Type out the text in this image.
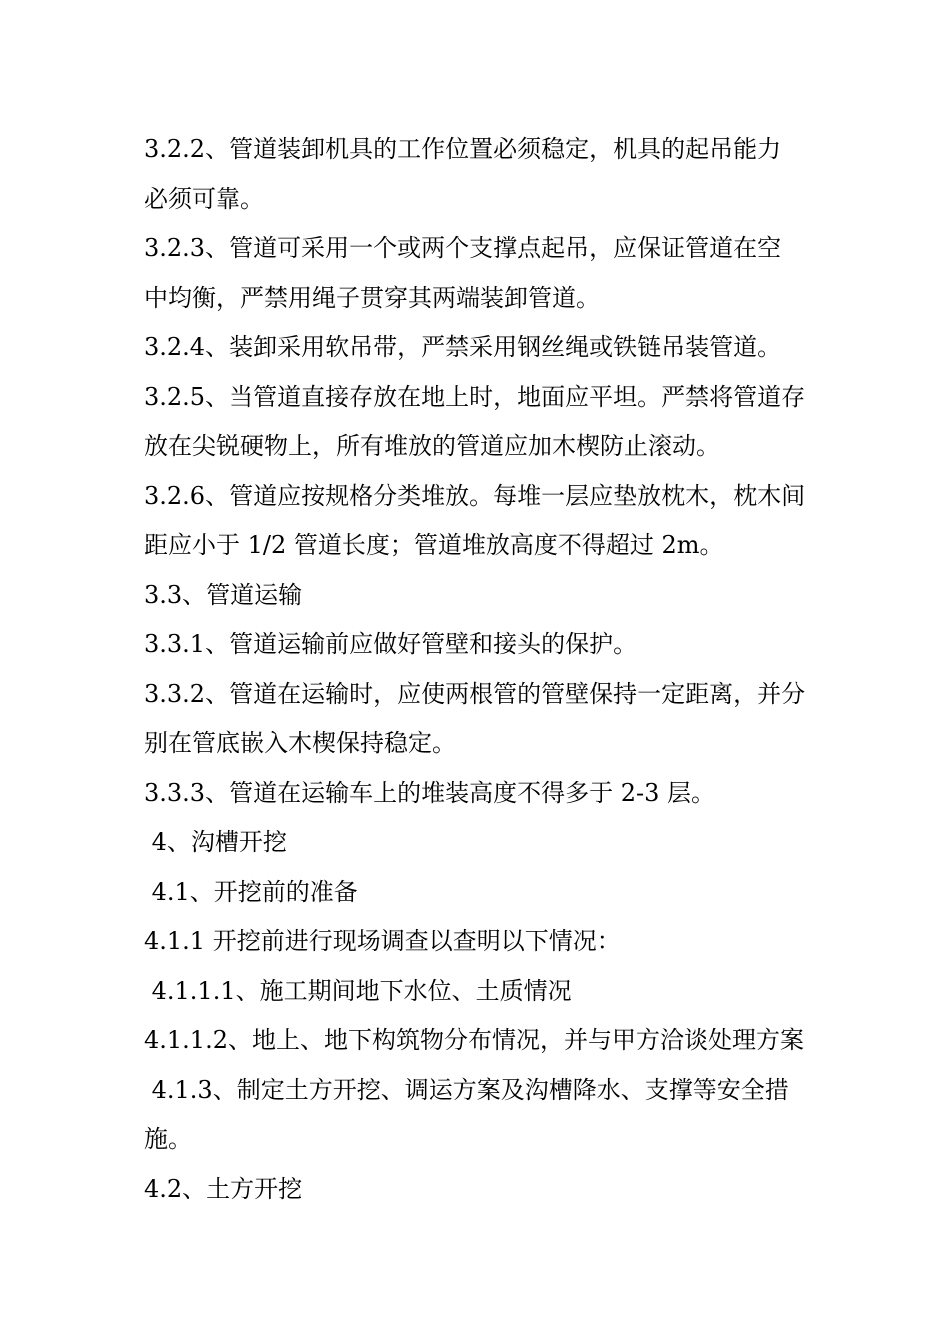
3.2.2、管道装卸机具的工作位置必须稳定，机具的起吊能力

必须可靠。

3.2.3、管道可采用一个或两个支撑点起吊，应保证管道在空

中均衡，严禁用绳子贯穿其两端装卸管道。

3.2.4、装卸采用软吊带，严禁采用钢丝绳或铁链吊装管道。

3.2.5、当管道直接存放在地上时，地面应平坦。严禁将管道存

放在尖锐硬物上，所有堆放的管道应加木楔防止滚动。

3.2.6、管道应按规格分类堆放。每堆一层应垫放枕木，枕木间

距应小于 1/2 管道长度；管道堆放高度不得超过 2m。

3.3、管道运输

3.3.1、管道运输前应做好管壁和接头的保护。

3.3.2、管道在运输时，应使两根管的管壁保持一定距离，并分

别在管底嵌入木楔保持稳定。

3.3.3、管道在运输车上的堆装高度不得多于 2-3 层。

4、沟槽开挖

4.1、开挖前的准备

4.1.1 开挖前进行现场调查以查明以下情况：

4.1.1.1、施工期间地下水位、土质情况

4.1.1.2、地上、地下构筑物分布情况，并与甲方洽谈处理方案

4.1.3、制定土方开挖、调运方案及沟槽降水、支撑等安全措

施。

4.2、土方开挖
